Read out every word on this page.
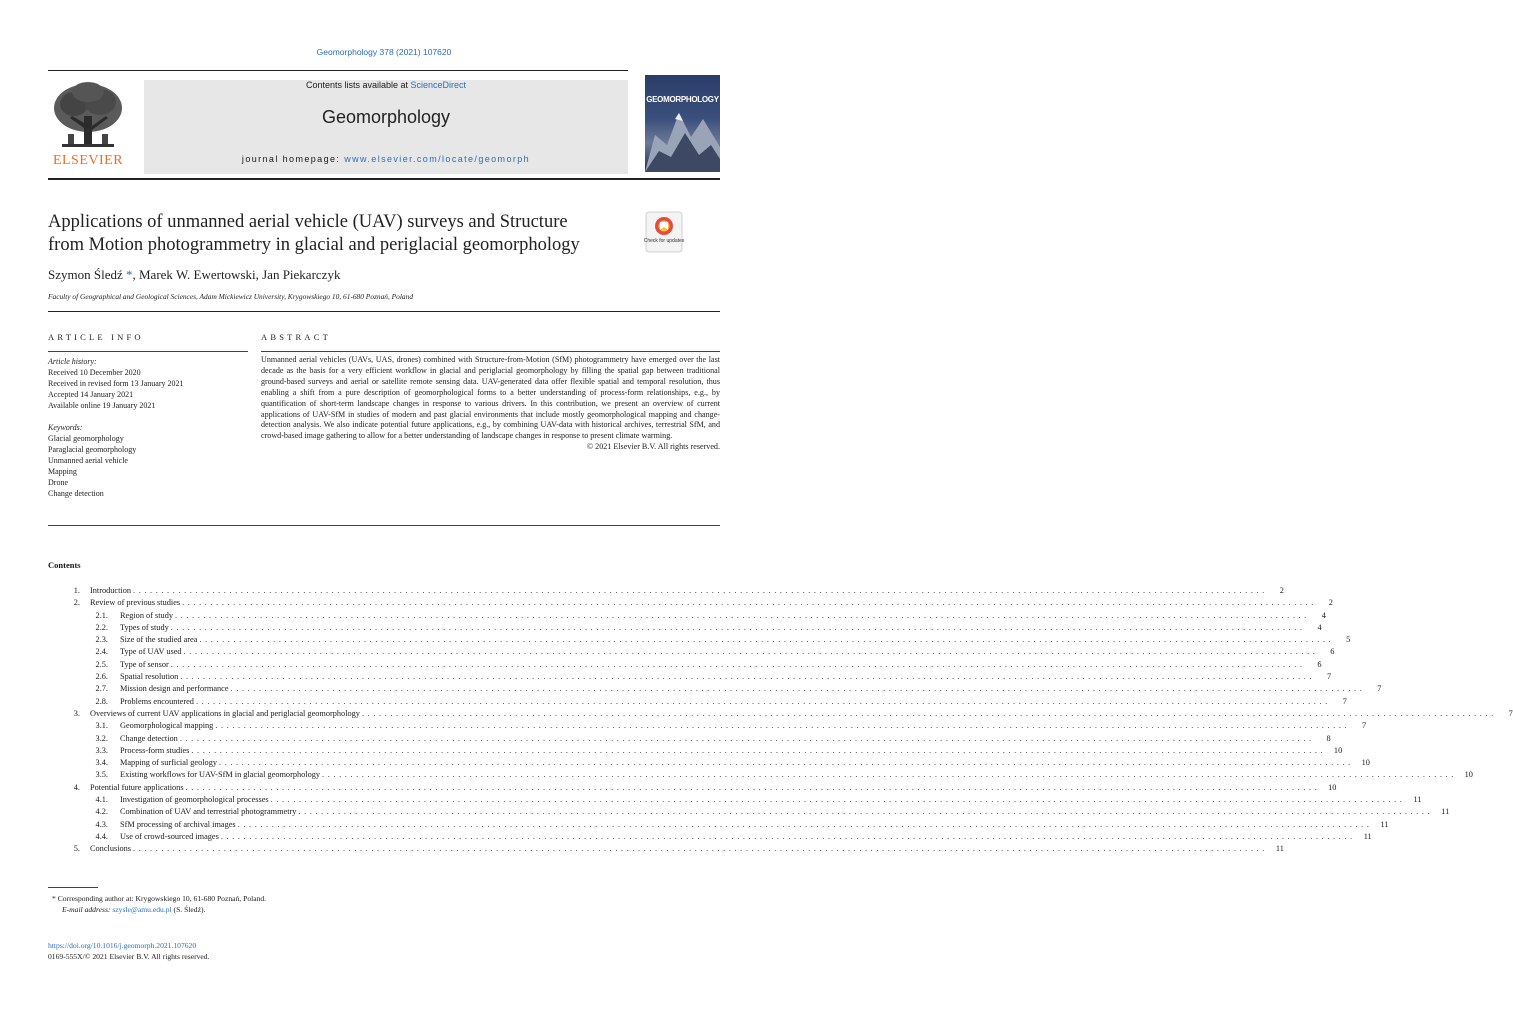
Geomorphology 378 (2021) 107620
ELSEVIER
Contents lists available at ScienceDirect
Geomorphology
journal homepage: www.elsevier.com/locate/geomorph
GEOMORPHOLOGY
Applications of unmanned aerial vehicle (UAV) surveys and Structure
from Motion photogrammetry in glacial and periglacial geomorphology	Check for updates
Szymon Śledź *, Marek W. Ewertowski, Jan Piekarczyk
Faculty of Geographical and Geological Sciences, Adam Mickiewicz University, Krygowskiego 10, 61-680 Poznań, Poland
ARTICLE INFO
Article history:
Received 10 December 2020
Received in revised form 13 January 2021
Accepted 14 January 2021
Available online 19 January 2021
Keywords:
Glacial geomorphology
Paraglacial geomorphology
Unmanned aerial vehicle
Mapping
Drone
Change detection
ABSTRACT
Unmanned aerial vehicles (UAVs, UAS, drones) combined with Structure-from-Motion (SfM) photogrammetry have emerged over the last decade as the basis for a very efficient workflow in glacial and periglacial geomorphology by filling the spatial gap between traditional ground-based surveys and aerial or satellite remote sensing data. UAV-generated data offer flexible spatial and temporal resolution, thus enabling a shift from a pure description of geomorphological forms to a better understanding of process-form relationships, e.g., by quantification of short-term landscape changes in response to various drivers. In this contribution, we present an overview of current applications of UAV-SfM in studies of modern and past glacial environments that include mostly geomorphological mapping and change-detection analysis. We also indicate potential future applications, e.g., by combining UAV-data with historical archives, terrestrial SfM, and crowd-based image gathering to allow for a better understanding of landscape changes in response to present climate warming.
© 2021 Elsevier B.V. All rights reserved.
Contents
1.	Introduction ........................................................................................................................................................................................................	2
2.	Review of previous studies ........................................................................................................................................................................................................	2
2.1.	Region of study ........................................................................................................................................................................................................	4
2.2.	Types of study ........................................................................................................................................................................................................	4
2.3.	Size of the studied area ........................................................................................................................................................................................................	5
2.4.	Type of UAV used ........................................................................................................................................................................................................	6
2.5.	Type of sensor ........................................................................................................................................................................................................	6
2.6.	Spatial resolution ........................................................................................................................................................................................................	7
2.7.	Mission design and performance ........................................................................................................................................................................................................	7
2.8.	Problems encountered ........................................................................................................................................................................................................	7
3.	Overviews of current UAV applications in glacial and periglacial geomorphology ........................................................................................................................................................................................................	7
3.1.	Geomorphological mapping ........................................................................................................................................................................................................	7
3.2.	Change detection ........................................................................................................................................................................................................	8
3.3.	Process-form studies ........................................................................................................................................................................................................ 10
3.4.	Mapping of surficial geology ........................................................................................................................................................................................................ 10
3.5.	Existing workflows for UAV-SfM in glacial geomorphology ........................................................................................................................................................................................................ 10
4.	Potential future applications ........................................................................................................................................................................................................ 10
4.1.	Investigation of geomorphological processes ........................................................................................................................................................................................................ 11
4.2.	Combination of UAV and terrestrial photogrammetry ........................................................................................................................................................................................................ 11
4.3.	SfM processing of archival images ........................................................................................................................................................................................................ 11
4.4.	Use of crowd-sourced images ........................................................................................................................................................................................................ 11
5.	Conclusions ........................................................................................................................................................................................................ 11
* Corresponding author at: Krygowskiego 10, 61-680 Poznań, Poland.
E-mail address: szysle@amu.edu.pl (S. Śledź).
https://doi.org/10.1016/j.geomorph.2021.107620
0169-555X/© 2021 Elsevier B.V. All rights reserved.
